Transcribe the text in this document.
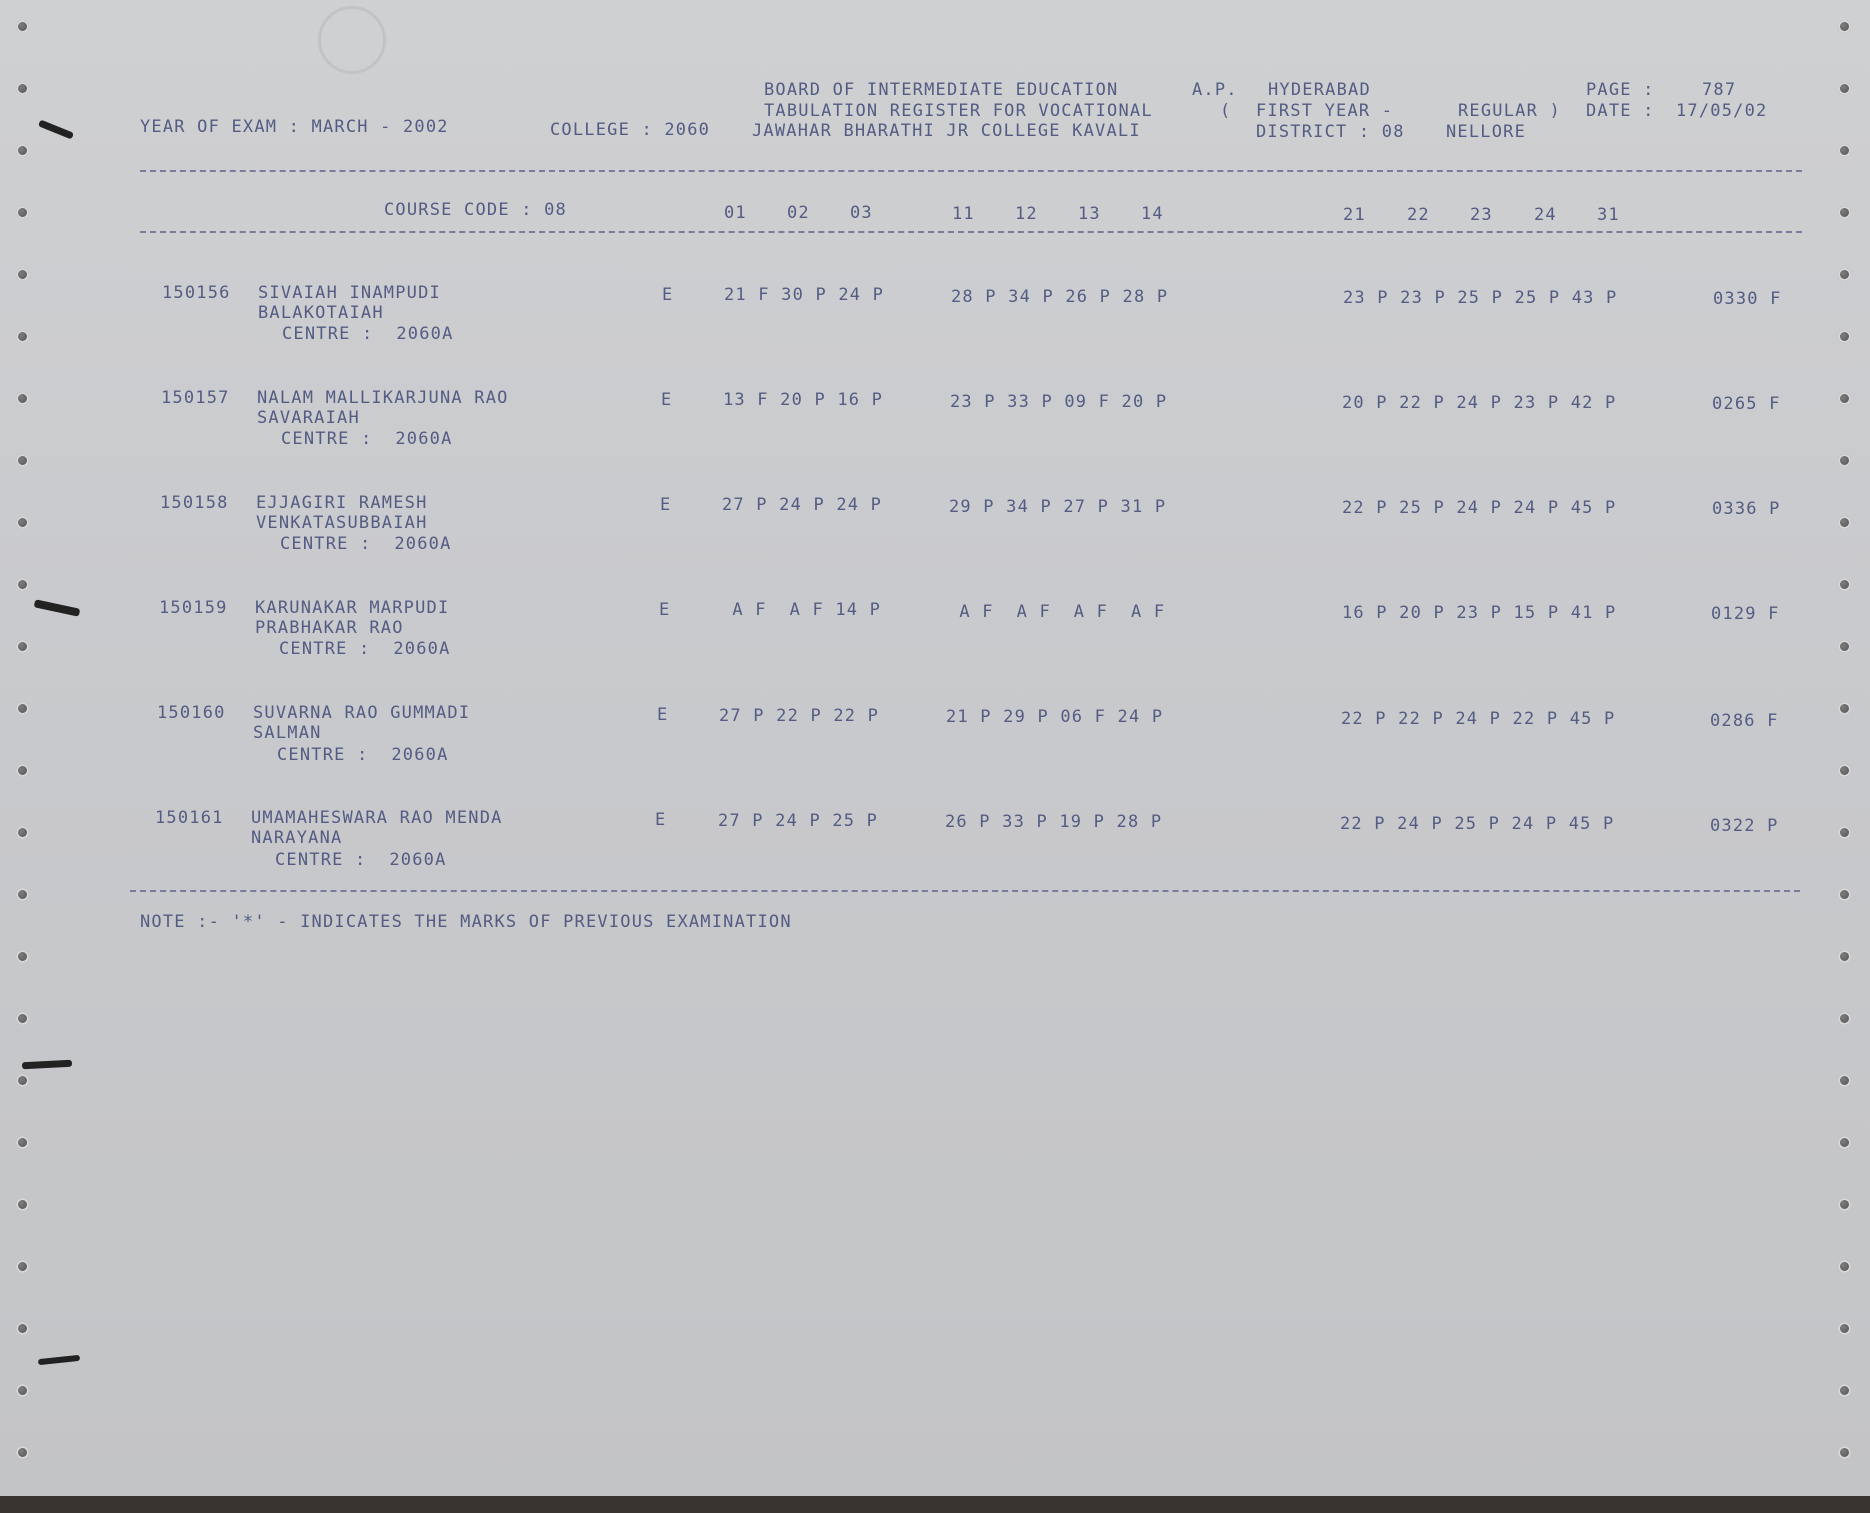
BOARD OF INTERMEDIATE EDUCATION	A.P. HYDERABAD	PAGE :	787
TABULATION REGISTER FOR VOCATIONAL	( FIRST YEAR -	REGULAR ) DATE : 17/05/02
YEAR OF EXAM : MARCH - 2002	COLLEGE : 2060 JAWAHAR BHARATHI JR COLLEGE KAVALI	DISTRICT : 08 NELLORE
COURSE CODE : 08	01 02 03	11 12 13 14	21 22 23 24 31
150156 SIVAIAH INAMPUDI
BALAKOTAIAH
CENTRE :  2060A
E	21 F 30 P 24 P	28 P 34 P 26 P 28 P	23 P 23 P 25 P 25 P 43 P	0330 F
150157 NALAM MALLIKARJUNA RAO
SAVARAIAH
CENTRE :  2060A
E	13 F 20 P 16 P	23 P 33 P 09 F 20 P	20 P 22 P 24 P 23 P 42 P	0265 F
150158 EJJAGIRI RAMESH
VENKATASUBBAIAH
CENTRE :  2060A
E	27 P 24 P 24 P	29 P 34 P 27 P 31 P	22 P 25 P 24 P 24 P 45 P	0336 P
150159 KARUNAKAR MARPUDI
PRABHAKAR RAO
CENTRE :  2060A
E	A F  A F 14 P	A F  A F  A F  A F	16 P 20 P 23 P 15 P 41 P	0129 F
150160 SUVARNA RAO GUMMADI
SALMAN
CENTRE :  2060A
E	27 P 22 P 22 P	21 P 29 P 06 F 24 P	22 P 22 P 24 P 22 P 45 P	0286 F
150161 UMAMAHESWARA RAO MENDA
NARAYANA
CENTRE :  2060A
E	27 P 24 P 25 P	26 P 33 P 19 P 28 P	22 P 24 P 25 P 24 P 45 P	0322 P
NOTE :- '*' - INDICATES THE MARKS OF PREVIOUS EXAMINATION
